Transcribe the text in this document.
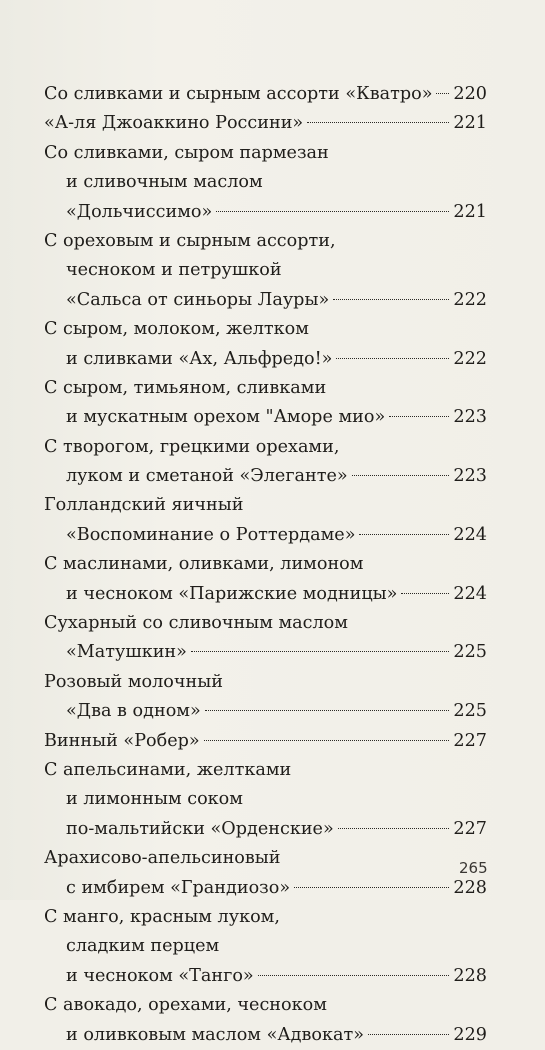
Со сливками и сырным ассорти «Кватро» 220
«А-ля Джоаккино Россини»	221
Со сливками, сыром пармезан
и сливочным маслом
«Дольчиссимо»	221
С ореховым и сырным ассорти,
чесноком и петрушкой
«Сальса от синьоры Лауры»	222
С сыром, молоком, желтком
и сливками «Ах, Альфредо!»	222
С сыром, тимьяном, сливками
и мускатным орехом "Аморе мио»	223
С творогом, грецкими орехами,
луком и сметаной «Элеганте»	223
Голландский яичный
«Воспоминание о Роттердаме»	224
С маслинами, оливками, лимоном
и чесноком «Парижские модницы»	224
Сухарный со сливочным маслом
«Матушкин»	225
Розовый молочный
«Два в одном»	225
Винный «Робер»	227
С апельсинами, желтками
и лимонным соком
по-мальтийски «Орденские»	227
Арахисово-апельсиновый
с имбирем «Грандиозо»	228
С манго, красным луком,
сладким перцем
и чесноком «Танго»	228
С авокадо, орехами, чесноком
и оливковым маслом «Адвокат»	229
265
